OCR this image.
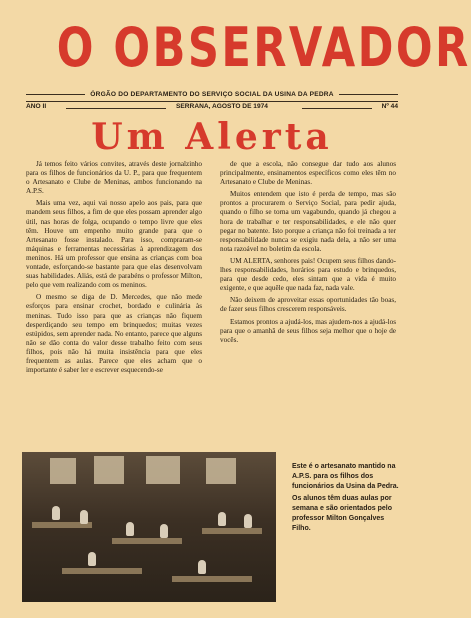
O OBSERVADOR
ÓRGÃO DO DEPARTAMENTO DO SERVIÇO SOCIAL DA USINA DA PEDRA
ANO II	SERRANA, AGOSTO DE 1974	Nº 44
Um Alerta

Já temos feito vários convites, através deste jornalzinho para os filhos de funcionários da U. P., para que frequentem o Artesanato e Clube de Meninas, ambos funcionando na A.P.S.

Mais uma vez, aqui vai nosso apelo aos pais, para que mandem seus filhos, a fim de que eles possam aprender algo útil, nas horas de folga, ocupando o tempo livre que eles têm. Houve um empenho muito grande para que o Artesanato fosse instalado. Para isso, compraram-se máquinas e ferramentas necessárias à aprendizagem dos meninos. Há um professor que ensina as crianças com boa vontade, esforçando-se bastante para que elas desenvolvam suas habilidades. Aliás, está de parabéns o professor Milton, pelo que vem realizando com os meninos.

O mesmo se diga de D. Mercedes, que não mede esforços para ensinar crochet, bordado e culinária às meninas. Tudo isso para que as crianças não fiquem desperdiçando seu tempo em brinquedos; muitas vezes estúpidos, sem aprender nada. No entanto, parece que alguns não se dão conta do valor desse trabalho feito com seus filhos, pois não há muita insistência para que eles frequentem as aulas. Parece que eles acham que o importante é saber ler e escrever esquecendo-se

de que a escola, não consegue dar tudo aos alunos principalmente, ensinamentos específicos como eles têm no Artesanato e Clube de Meninas.

Muitos entendem que isto é perda de tempo, mas são prontos a procurarem o Serviço Social, para pedir ajuda, quando o filho se torna um vagabundo, quando já chegou a hora de trabalhar e ter responsabilidades, e ele não quer pegar no batente. Isto porque a criança não foi treinada a ter responsabilidade nunca se exigiu nada dela, a não ser uma nota razoável no boletim da escola.

UM ALERTA, senhores pais! Ocupem seus filhos dando-lhes responsabilidades, horários para estudo e brinquedos, para que desde cedo, eles sintam que a vida é muito exigente, e que aquêle que nada faz, nada vale.

Não deixem de aproveitar essas oportunidades tão boas, de fazer seus filhos crescerem responsáveis.

Estamos prontos a ajudá-los, mas ajudem-nos a ajudá-los para que o amanhã de seus filhos seja melhor que o hoje de vocês.

Este é o artesanato mantido na A.P.S. para os filhos dos funcionários da Usina da Pedra.

Os alunos têm duas aulas por semana e são orientados pelo professor Milton Gonçalves Filho.
